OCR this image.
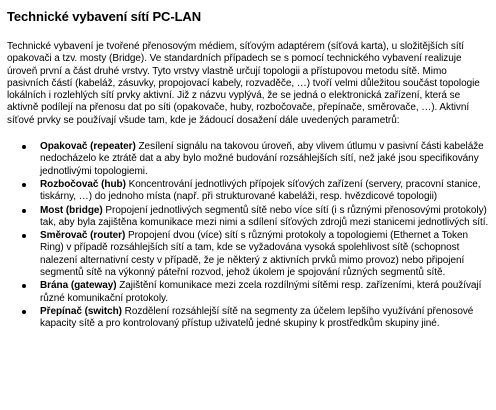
Technické vybavení sítí PC-LAN

Technické vybavení je tvořené přenosovým médiem, síťovým adaptérem (síťová karta), u složitějších sítí opakovači a tzv. mosty (Bridge). Ve standardních případech se s pomocí technického vybavení realizuje úroveň první a část druhé vrstvy. Tyto vrstvy vlastně určují topologii a přístupovou metodu sítě. Mimo pasivních částí (kabeláž, zásuvky, propojovací kabely, rozvaděče, …) tvoří velmi důležitou součást topologie lokálních i rozlehlých sítí prvky aktivní. Již z názvu vyplývá, že se jedná o elektronická zařízení, která se aktivně podílejí na přenosu dat po síti (opakovače, huby, rozbočovače, přepínače, směrovače, …). Aktivní síťové prvky se používají všude tam, kde je žádoucí dosažení dále uvedených parametrů:

Opakovač (repeater) Zesílení signálu na takovou úroveň, aby vlivem útlumu v pasivní části kabeláže nedocházelo ke ztrátě dat a aby bylo možné budování rozsáhlejších sítí, než jaké jsou specifikovány jednotlivými topologiemi.
Rozbočovač (hub) Koncentrování jednotlivých přípojek síťových zařízení (servery, pracovní stanice, tiskárny, …) do jednoho místa (např. při strukturované kabeláži, resp. hvězdicové topologii)
Most (bridge) Propojení jednotlivých segmentů sítě nebo více sítí (i s různými přenosovými protokoly) tak, aby byla zajištěna komunikace mezi nimi a sdílení síťových zdrojů mezi stanicemi jednotlivých sítí.
Směrovač (router) Propojení dvou (více) sítí s různými protokoly a topologiemi (Ethernet a Token Ring) v případě rozsáhlejších sítí a tam, kde se vyžadována vysoká spolehlivost sítě (schopnost nalezení alternativní cesty v případě, že je některý z aktivních prvků mimo provoz) nebo připojení segmentů sítě na výkonný páteřní rozvod, jehož úkolem je spojování různých segmentů sítě.
Brána (gateway) Zajištění komunikace mezi zcela rozdílnými sítěmi resp. zařízeními, která používají různé komunikační protokoly.
Přepínač (switch) Rozdělení rozsáhlejší sítě na segmenty za účelem lepšího využívání přenosové kapacity sítě a pro kontrolovaný přístup uživatelů jedné skupiny k prostředkům skupiny jiné.
